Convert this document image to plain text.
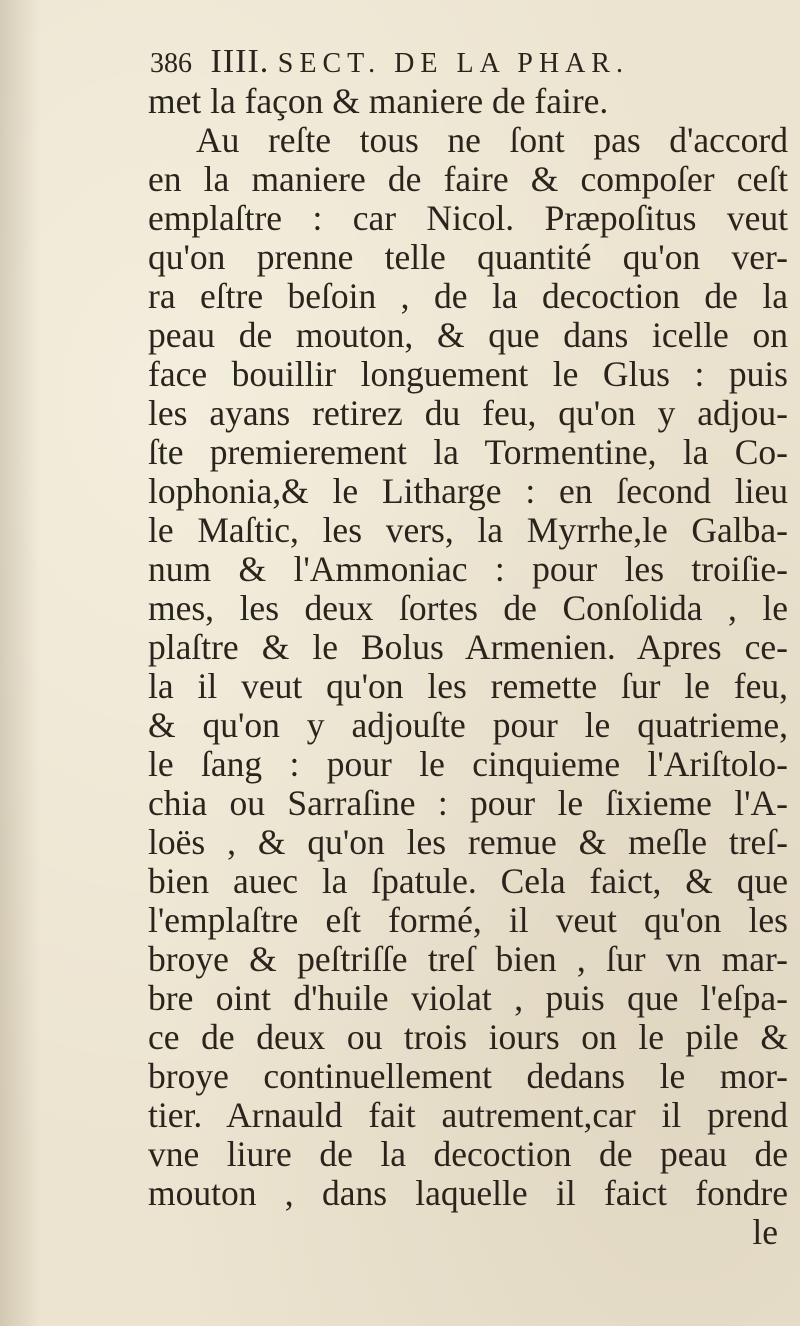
386 IIII. SECT. DE LA PHAR.
met la façon & maniere de faire.
Au reſte tous ne ſont pas d'accord
en la maniere de faire & compoſer ceſt
emplaſtre : car Nicol. Præpoſitus veut
qu'on prenne telle quantité qu'on ver-
ra eſtre beſoin , de la decoction de la
peau de mouton, & que dans icelle on
face bouillir longuement le Glus : puis
les ayans retirez du feu, qu'on y adjou-
ſte premierement la Tormentine, la Co-
lophonia,& le Litharge : en ſecond lieu
le Maſtic, les vers, la Myrrhe,le Galba-
num & l'Ammoniac : pour les troiſie-
mes, les deux ſortes de Conſolida , le
plaſtre & le Bolus Armenien. Apres ce-
la il veut qu'on les remette ſur le feu,
& qu'on y adjouſte pour le quatrieme,
le ſang : pour le cinquieme l'Ariſtolo-
chia ou Sarraſine : pour le ſixieme l'A-
loës , & qu'on les remue & meſle treſ-
bien auec la ſpatule. Cela faict, & que
l'emplaſtre eſt formé, il veut qu'on les
broye & peſtriſſe treſ bien , ſur vn mar-
bre oint d'huile violat , puis que l'eſpa-
ce de deux ou trois iours on le pile &
broye continuellement dedans le mor-
tier. Arnauld fait autrement,car il prend
vne liure de la decoction de peau de
mouton , dans laquelle il faict fondre
le
